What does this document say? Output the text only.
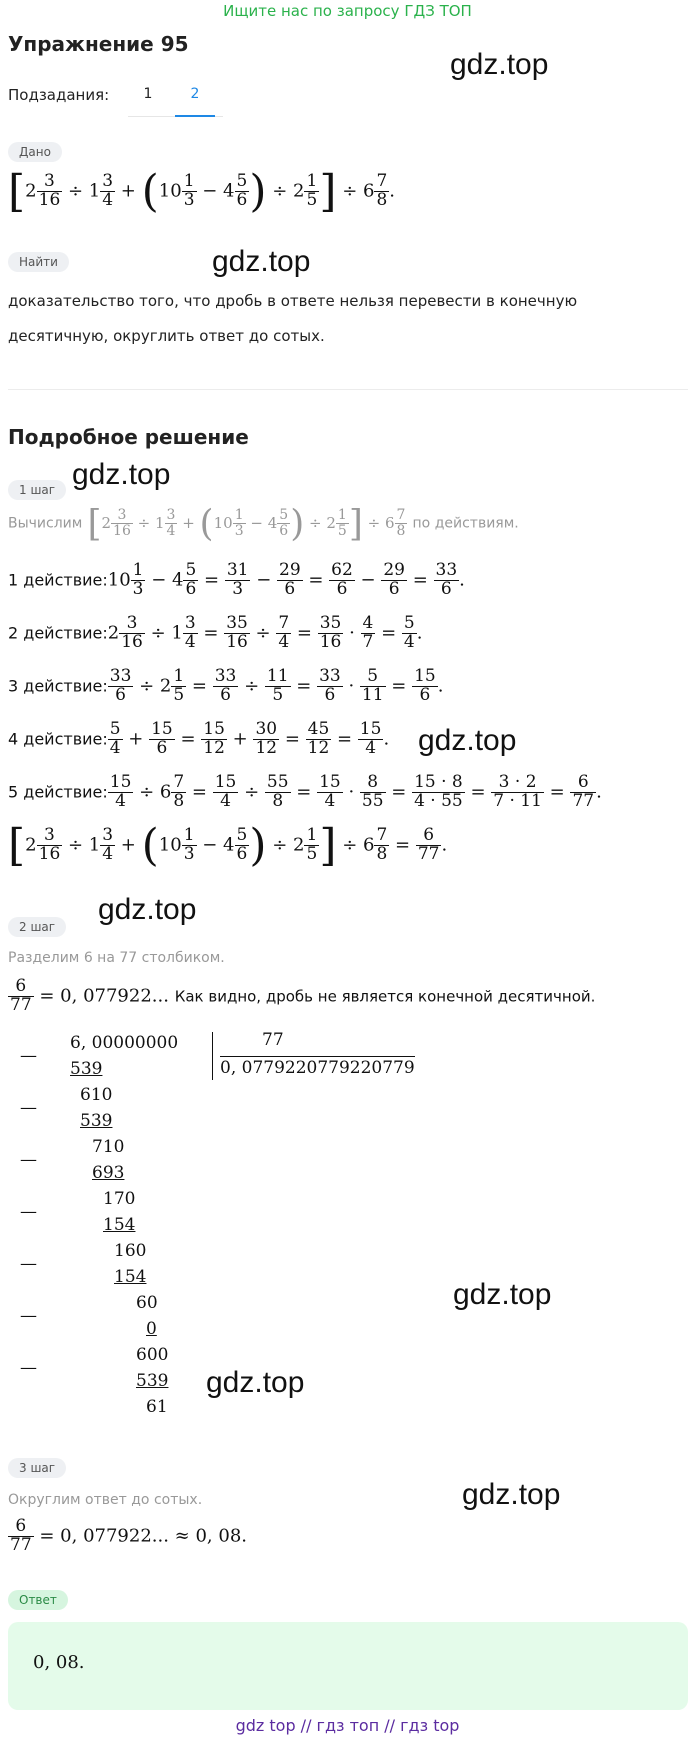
Ищите нас по запросу ГДЗ ТОП
Упражнение 95
gdz.top
Подзадания:	1	2
Дано
[$2 \frac{3}{16} \div 1 \frac{3}{4} + (10 \frac{1}{3} - 4 \frac{5}{6}$ ) ÷ $2 \frac{1}{5}$ ] ÷ $6 \frac{7}{8}$ .
Найти	gdz.top
доказательство того, что дробь в ответе нельзя перевести в конечную
десятичную, округлить ответ до сотых.
Подробное решение
1 шаг gdz.top
Вычислим [$2 \frac{3}{16} \div 1 \frac{3}{4} + (10 \frac{1}{3} - 4 \frac{5}{6}$ ) ÷ $2 \frac{1}{5}$ ] ÷ $6 \frac{7}{8}$ по действиям.
1 действие:10 $\frac{1}{3} - 4 \frac{5}{6} = \frac{31}{3} - \frac{29}{6} = \frac{62}{6} - \frac{29}{6} = \frac{33}{6}$ .
2 действие:2 $\frac{3}{16} \div 1 \frac{3}{4} = \frac{35}{16} \div \frac{7}{4} = \frac{35}{16} \cdot \frac{4}{7} = \frac{5}{4}$ .
3 действие: $\frac{33}{6} \div 2 \frac{1}{5} = \frac{33}{6} \div \frac{11}{5} = \frac{33}{6} \cdot \frac{5}{11} = \frac{15}{6}$ .
4 действие: $\frac{5}{4} + \frac{15}{6} = \frac{15}{12} + \frac{30}{12} = \frac{45}{12} = \frac{15}{4}$ . gdz.top
5 действие: $\frac{15}{4} \div 6 \frac{7}{8} = \frac{15}{4} \div \frac{55}{8} = \frac{15}{4} \cdot \frac{8}{55} = \frac{15 \cdot 8}{4 \cdot 55} = \frac{3 \cdot 2}{7 \cdot 11} = \frac{6}{77}$ .
[$2 \frac{3}{16} \div 1 \frac{3}{4} + (10 \frac{1}{3} - 4 \frac{5}{6}$ ) ÷ $2 \frac{1}{5}$ ] ÷ $6 \frac{7}{8} = \frac{6}{77}$ .
2 шаг
gdz.top
Разделим 6 на 77 столбиком.
$\frac{6}{77} = 0$, 077922... Как видно, дробь не является конечной десятичной.
6, 00000000	77
0, 0779220779220779
539
610
539
710
693
170
154
160
154
60
0
600
539
61
—
—
—
—
—
—
—
gdz.top
gdz.top
3 шаг
gdz.top
Округлим ответ до сотых.
$\frac{6}{77} = 0$, 077922... ≈ 0, 08.
Ответ
0, 08.
gdz top // гдз топ // гдз top
